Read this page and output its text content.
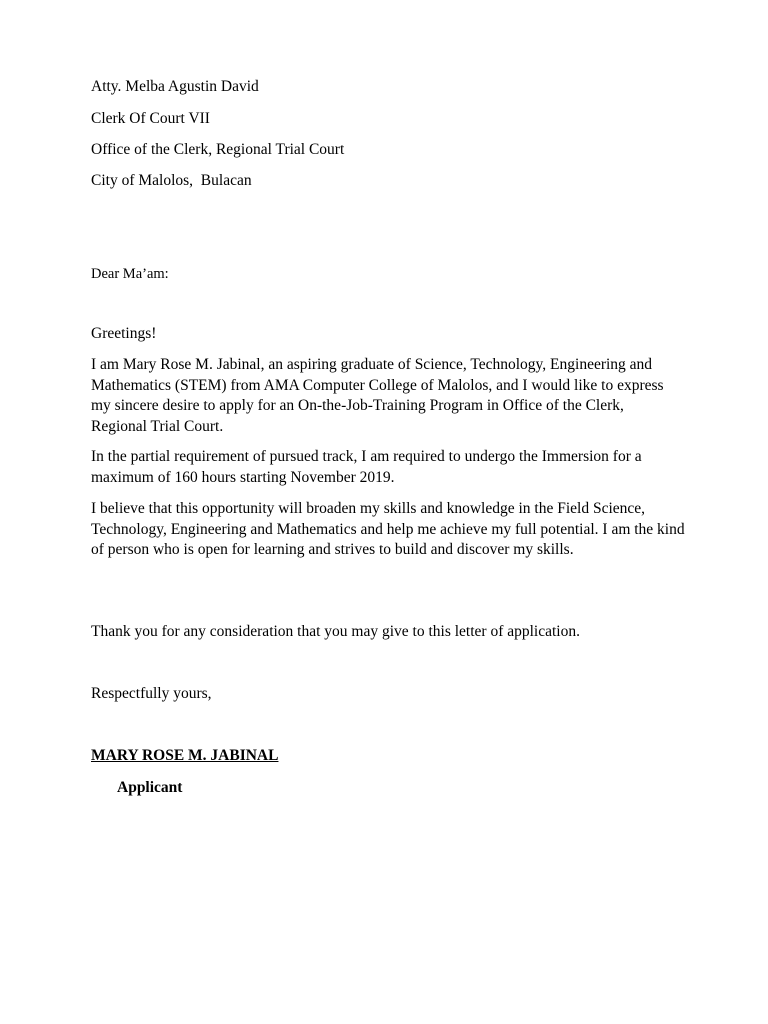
Atty. Melba Agustin David
Clerk Of Court VII
Office of the Clerk, Regional Trial Court
City of Malolos,  Bulacan
Dear Ma’am:
Greetings!

I am Mary Rose M. Jabinal, an aspiring graduate of Science, Technology, Engineering and Mathematics (STEM) from AMA Computer College of Malolos, and I would like to express my sincere desire to apply for an On-the-Job-Training Program in Office of the Clerk, Regional Trial Court.

In the partial requirement of pursued track, I am required to undergo the Immersion for a maximum of 160 hours starting November 2019.

I believe that this opportunity will broaden my skills and knowledge in the Field Science, Technology, Engineering and Mathematics and help me achieve my full potential. I am the kind of person who is open for learning and strives to build and discover my skills.

Thank you for any consideration that you may give to this letter of application.
Respectfully yours,
MARY ROSE M. JABINAL
Applicant
